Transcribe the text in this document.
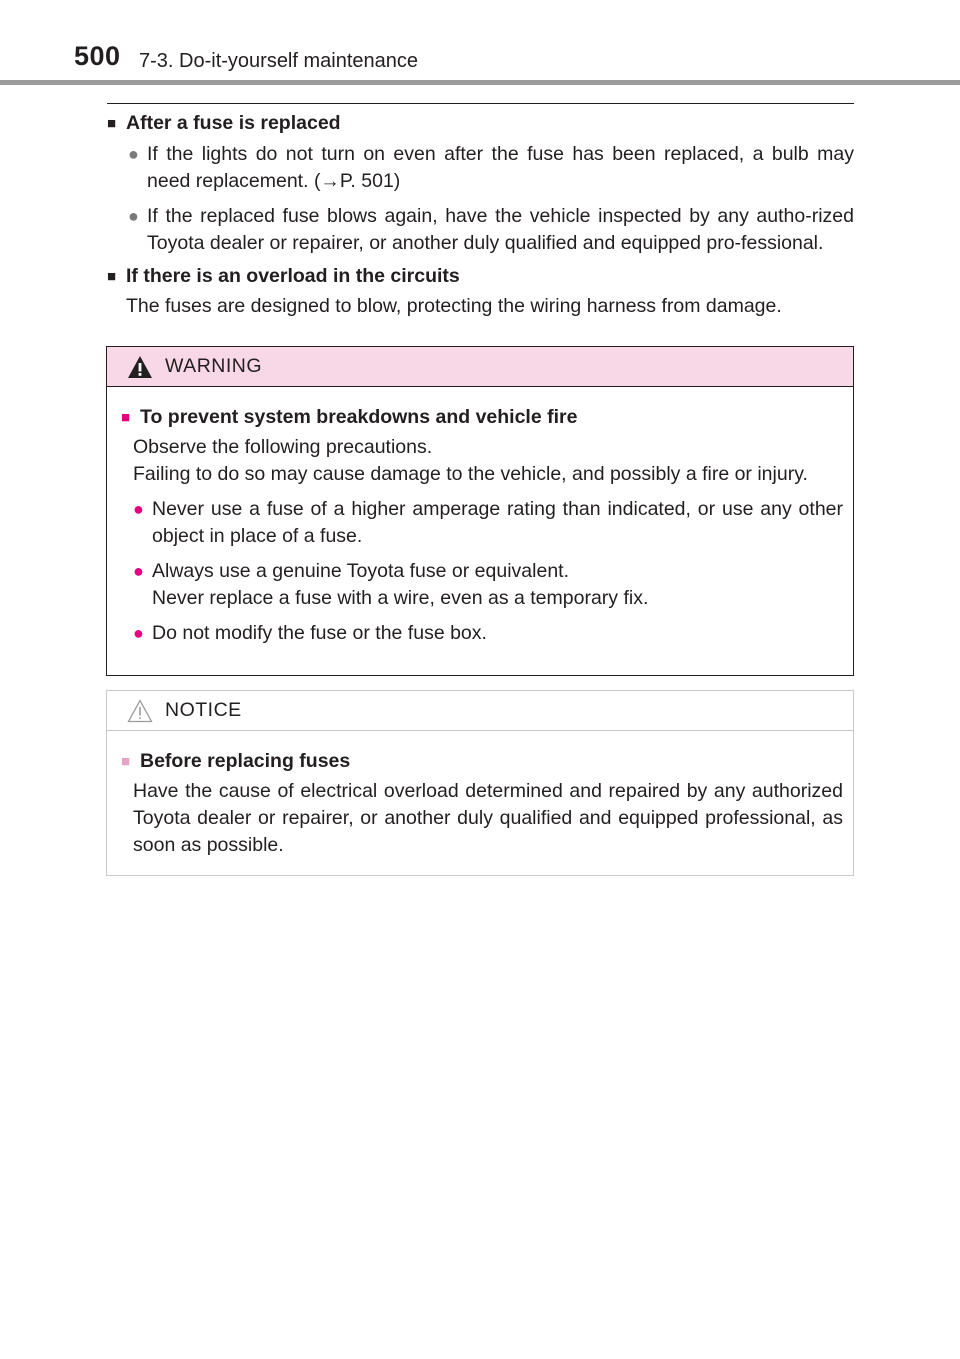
500 7-3. Do-it-yourself maintenance
■ After a fuse is replaced
● If the lights do not turn on even after the fuse has been replaced, a bulb may need replacement. (→P. 501)
● If the replaced fuse blows again, have the vehicle inspected by any autho-rized Toyota dealer or repairer, or another duly qualified and equipped pro-fessional.
■ If there is an overload in the circuits
The fuses are designed to blow, protecting the wiring harness from damage.
WARNING
■ To prevent system breakdowns and vehicle fire
Observe the following precautions.
Failing to do so may cause damage to the vehicle, and possibly a fire or injury.
● Never use a fuse of a higher amperage rating than indicated, or use any other object in place of a fuse.
● Always use a genuine Toyota fuse or equivalent.
Never replace a fuse with a wire, even as a temporary fix.
● Do not modify the fuse or the fuse box.
NOTICE
■ Before replacing fuses
Have the cause of electrical overload determined and repaired by any authorized Toyota dealer or repairer, or another duly qualified and equipped professional, as soon as possible.
